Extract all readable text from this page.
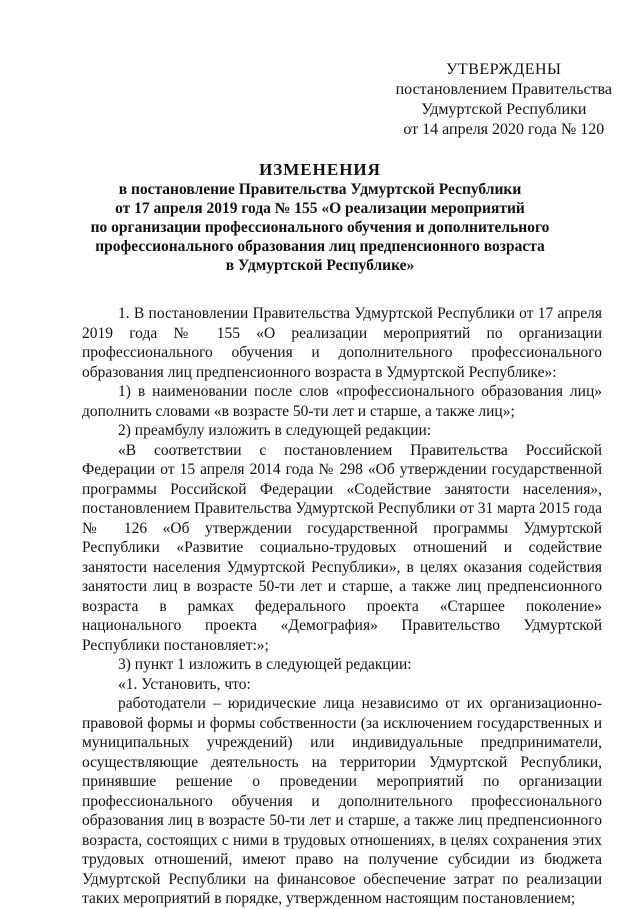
УТВЕРЖДЕНЫ
постановлением Правительства
Удмуртской Республики
от 14 апреля 2020 года № 120
ИЗМЕНЕНИЯ
в постановление Правительства Удмуртской Республики
от 17 апреля 2019 года № 155 «О реализации мероприятий
по организации профессионального обучения и дополнительного
профессионального образования лиц предпенсионного возраста
в Удмуртской Республике»

1. В постановлении Правительства Удмуртской Республики от 17 апреля 2019 года № 155 «О реализации мероприятий по организации профессионального обучения и дополнительного профессионального образования лиц предпенсионного возраста в Удмуртской Республике»:

1) в наименовании после слов «профессионального образования лиц» дополнить словами «в возрасте 50-ти лет и старше, а также лиц»;

2) преамбулу изложить в следующей редакции:

«В соответствии с постановлением Правительства Российской Федерации от 15 апреля 2014 года № 298 «Об утверждении государственной программы Российской Федерации «Содействие занятости населения», постановлением Правительства Удмуртской Республики от 31 марта 2015 года № 126 «Об утверждении государственной программы Удмуртской Республики «Развитие социально-трудовых отношений и содействие занятости населения Удмуртской Республики», в целях оказания содействия занятости лиц в возрасте 50-ти лет и старше, а также лиц предпенсионного возраста в рамках федерального проекта «Старшее поколение» национального проекта «Демография» Правительство Удмуртской Республики постановляет:»;

3) пункт 1 изложить в следующей редакции:

«1. Установить, что:

работодатели – юридические лица независимо от их организационно-правовой формы и формы собственности (за исключением государственных и муниципальных учреждений) или индивидуальные предприниматели, осуществляющие деятельность на территории Удмуртской Республики, принявшие решение о проведении мероприятий по организации профессионального обучения и дополнительного профессионального образования лиц в возрасте 50-ти лет и старше, а также лиц предпенсионного возраста, состоящих с ними в трудовых отношениях, в целях сохранения этих трудовых отношений, имеют право на получение субсидии из бюджета Удмуртской Республики на финансовое обеспечение затрат по реализации таких мероприятий в порядке, утвержденном настоящим постановлением;
